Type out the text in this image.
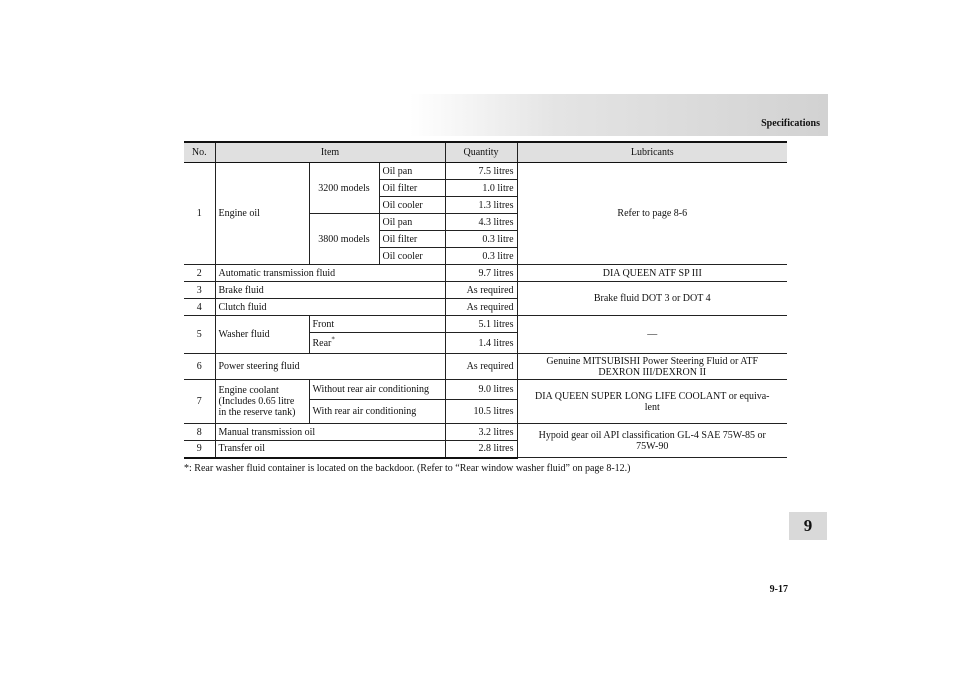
Specifications
No.	Item			Quantity	Lubricants
1	Engine oil	3200 models	Oil pan	7.5 litres	Refer to page 8-6
			Oil filter	1.0 litre	
			Oil cooler	1.3 litres	
		3800 models	Oil pan	4.3 litres	
			Oil filter	0.3 litre	
			Oil cooler	0.3 litre	
2	Automatic transmission fluid			9.7 litres	DIA QUEEN ATF SP III
3	Brake fluid			As required	Brake fluid DOT 3 or DOT 4
4	Clutch fluid			As required	
5	Washer fluid	Front		5.1 litres	—
		Rear*		1.4 litres	
6	Power steering fluid			As required	Genuine MITSUBISHI Power Steering Fluid or ATF
DEXRON III/DEXRON II
7	Engine coolant
(Includes 0.65 litre
in the reserve tank)	Without rear air conditioning		9.0 litres	DIA QUEEN SUPER LONG LIFE COOLANT or equiva-
lent
		With rear air conditioning		10.5 litres	
8	Manual transmission oil			3.2 litres	Hypoid gear oil API classification GL-4 SAE 75W-85 or
75W-90
9	Transfer oil			2.8 litres	
*: Rear washer fluid container is located on the backdoor. (Refer to “Rear window washer fluid” on page 8-12.)
9
9-17
